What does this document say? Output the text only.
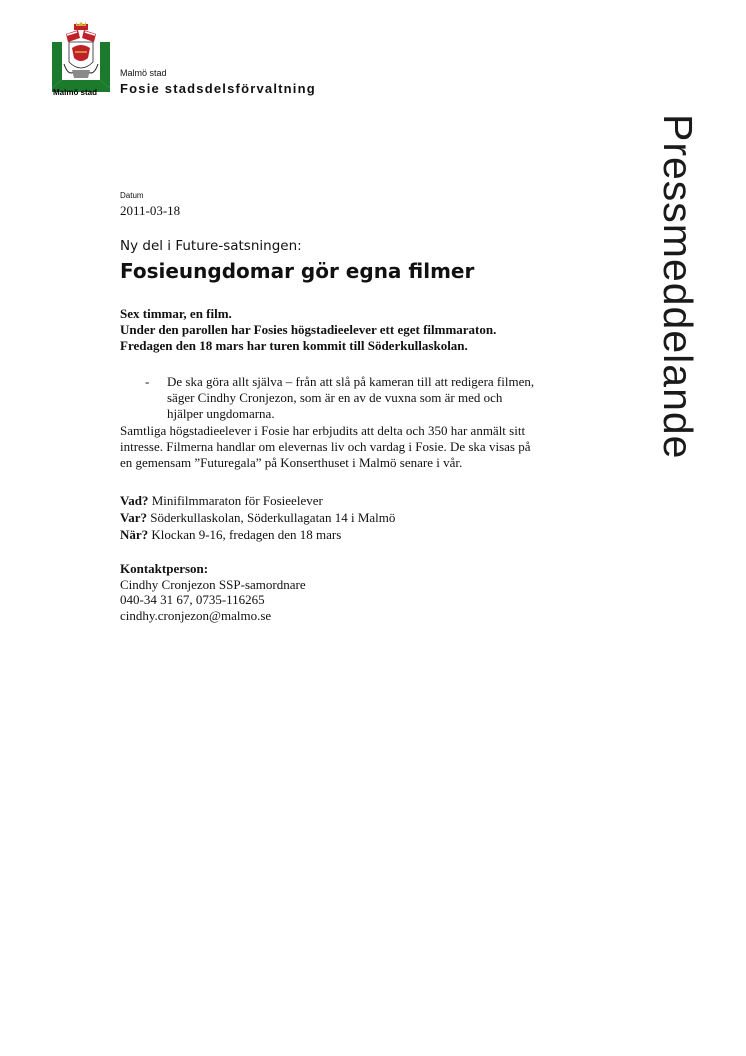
Malmö stad
Malmö stad
Fosie stadsdelsförvaltning
Pressmeddelande
Datum
2011-03-18
Ny del i Future-satsningen:
Fosieungdomar gör egna filmer
Sex timmar, en film.
Under den parollen har Fosies högstadieelever ett eget filmmaraton.
Fredagen den 18 mars har turen kommit till Söderkullaskolan.
- De ska göra allt själva – från att slå på kameran till att redigera filmen,
säger Cindhy Cronjezon, som är en av de vuxna som är med och
hjälper ungdomarna.
Samtliga högstadieelever i Fosie har erbjudits att delta och 350 har anmält sitt
intresse. Filmerna handlar om elevernas liv och vardag i Fosie. De ska visas på
en gemensam ”Futuregala” på Konserthuset i Malmö senare i vår.
Vad? Minifilmmaraton för Fosieelever
Var? Söderkullaskolan, Söderkullagatan 14 i Malmö
När? Klockan 9-16, fredagen den 18 mars
Kontaktperson:
Cindhy Cronjezon SSP-samordnare
040-34 31 67, 0735-116265
cindhy.cronjezon@malmo.se
